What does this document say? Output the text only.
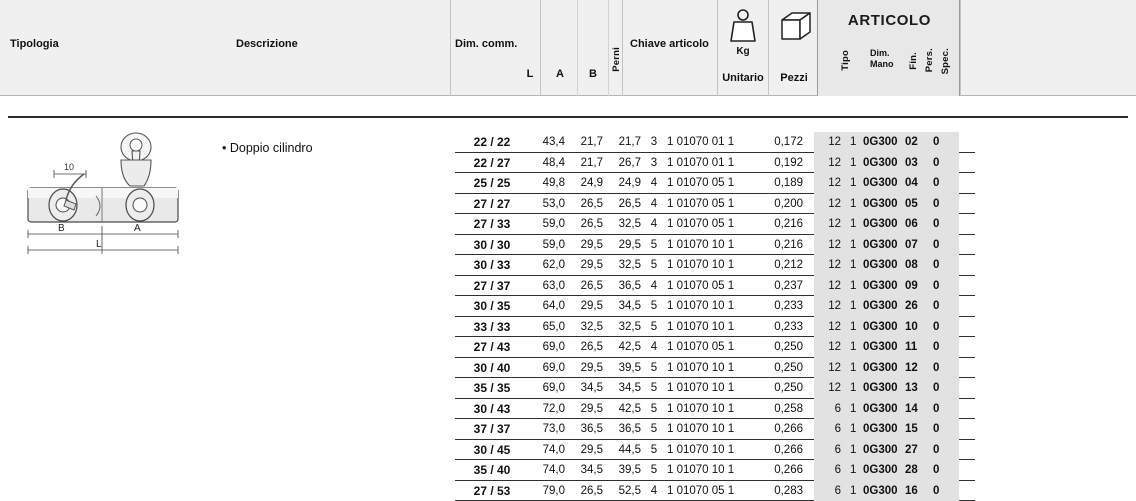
Tipologia	Descrizione	Dim. comm.
L	A	B
Perni
Chiave articolo
Kg
Unitario	Pezzi
ARTICOLO
Tipo Dim.
Mano	Fin. Pers. Spec.
10
B	A
L
• Doppio cilindro	22 / 22	43,4	21,7	21,7 3 1 01070 01 1	0,172	12 1 0G300 02	0
22 / 27	48,4	21,7	26,7 3 1 01070 01 1	0,192	12 1 0G300 03	0
25 / 25	49,8	24,9	24,9 4 1 01070 05 1	0,189	12 1 0G300 04	0
27 / 27	53,0	26,5	26,5 4 1 01070 05 1	0,200	12 1 0G300 05	0
27 / 33	59,0	26,5	32,5 4 1 01070 05 1	0,216	12 1 0G300 06	0
30 / 30	59,0	29,5	29,5 5 1 01070 10 1	0,216	12 1 0G300 07	0
30 / 33	62,0	29,5	32,5 5 1 01070 10 1	0,212	12 1 0G300 08	0
27 / 37	63,0	26,5	36,5 4 1 01070 05 1	0,237	12 1 0G300 09	0
30 / 35	64,0	29,5	34,5 5 1 01070 10 1	0,233	12 1 0G300 26	0
33 / 33	65,0	32,5	32,5 5 1 01070 10 1	0,233	12 1 0G300 10	0
27 / 43	69,0	26,5	42,5 4 1 01070 05 1	0,250	12 1 0G300 11	0
30 / 40	69,0	29,5	39,5 5 1 01070 10 1	0,250	12 1 0G300 12	0
35 / 35	69,0	34,5	34,5 5 1 01070 10 1	0,250	12 1 0G300 13	0
30 / 43	72,0	29,5	42,5 5 1 01070 10 1	0,258	6 1 0G300 14	0
37 / 37	73,0	36,5	36,5 5 1 01070 10 1	0,266	6 1 0G300 15	0
30 / 45	74,0	29,5	44,5 5 1 01070 10 1	0,266	6 1 0G300 27	0
35 / 40	74,0	34,5	39,5 5 1 01070 10 1	0,266	6 1 0G300 28	0
27 / 53	79,0	26,5	52,5 4 1 01070 05 1	0,283	6 1 0G300 16	0
